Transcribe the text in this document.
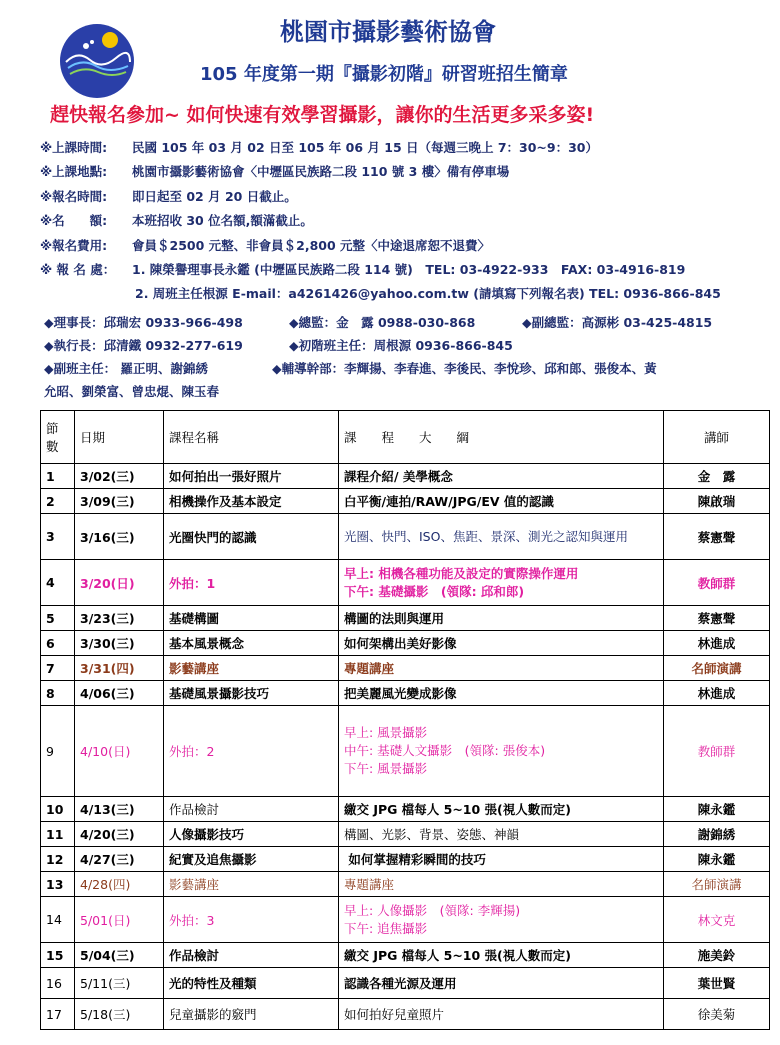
桃園市攝影藝術協會
105 年度第一期『攝影初階』研習班招生簡章
趕快報名參加~ 如何快速有效學習攝影，讓你的生活更多采多姿!
※上課時間: 民國 105 年 03 月 02 日至 105 年 06 月 15 日（每週三晚上 7：30~9：30）
※上課地點: 桃園市攝影藝術協會〈中壢區民族路二段 110 號 3 樓〉備有停車場
※報名時間: 即日起至 02 月 20 日截止。
※名　　額: 本班招收 30 位名額,額滿截止。
※報名費用: 會員＄2500 元整、非會員＄2,800 元整〈中途退席恕不退費〉
※ 報 名 處： 1. 陳榮譽理事長永鑑 (中壢區民族路二段 114 號)　TEL: 03-4922-933　FAX: 03-4916-819
2. 周班主任根源 E-mail：a4261426@yahoo.com.tw (請填寫下列報名表) TEL: 0936-866-845
◆理事長：邱瑞宏 0933-966-498	◆總監：金　露 0988-030-868	◆副總監：高源彬 03-425-4815
◆執行長：邱清鐵 0932-277-619	◆初階班主任：周根源 0936-866-845
◆副班主任： 羅正明、謝錦綉	◆輔導幹部：李輝揚、李春進、李後民、李悅珍、邱和郎、張俊本、黃
允昭、劉榮富、曾忠焜、陳玉春
節數	日期	課程名稱	課　　程　　大　　綱	講師
1	3/02(三)	如何拍出一張好照片	課程介紹/ 美學概念	金　露
2	3/09(三)	相機操作及基本設定	白平衡/連拍/RAW/JPG/EV 值的認識	陳啟瑞
3	3/16(三)	光圈快門的認識	光圈、快門、ISO、焦距、景深、測光之認知與運用	蔡憲聲
4	3/20(日)	外拍：1	早上: 相機各種功能及設定的實際操作運用
下午: 基礎攝影　(領隊: 邱和郎)	教師群
5	3/23(三)	基礎構圖	構圖的法則與運用	蔡憲聲
6	3/30(三)	基本風景概念	如何架構出美好影像	林進成
7	3/31(四)	影藝講座	專題講座	名師演講
8	4/06(三)	基礎風景攝影技巧	把美麗風光變成影像	林進成
9	4/10(日)	外拍：2	早上: 風景攝影
中午: 基礎人文攝影　(領隊: 張俊本)
下午: 風景攝影	教師群
10	4/13(三)	作品檢討	繳交 JPG 檔每人 5~10 張(視人數而定)	陳永鑑
11	4/20(三)	人像攝影技巧	構圖、光影、背景、姿態、神韻	謝錦綉
12	4/27(三)	紀實及追焦攝影	如何掌握精彩瞬間的技巧	陳永鑑
13	4/28(四)	影藝講座	專題講座	名師演講
14	5/01(日)	外拍：3	早上: 人像攝影　(領隊: 李輝揚)
下午: 追焦攝影	林文克
15	5/04(三)	作品檢討	繳交 JPG 檔每人 5~10 張(視人數而定)	施美鈴
16	5/11(三)	光的特性及種類	認識各種光源及運用	葉世賢
17	5/18(三)	兒童攝影的竅門	如何拍好兒童照片	徐美菊
